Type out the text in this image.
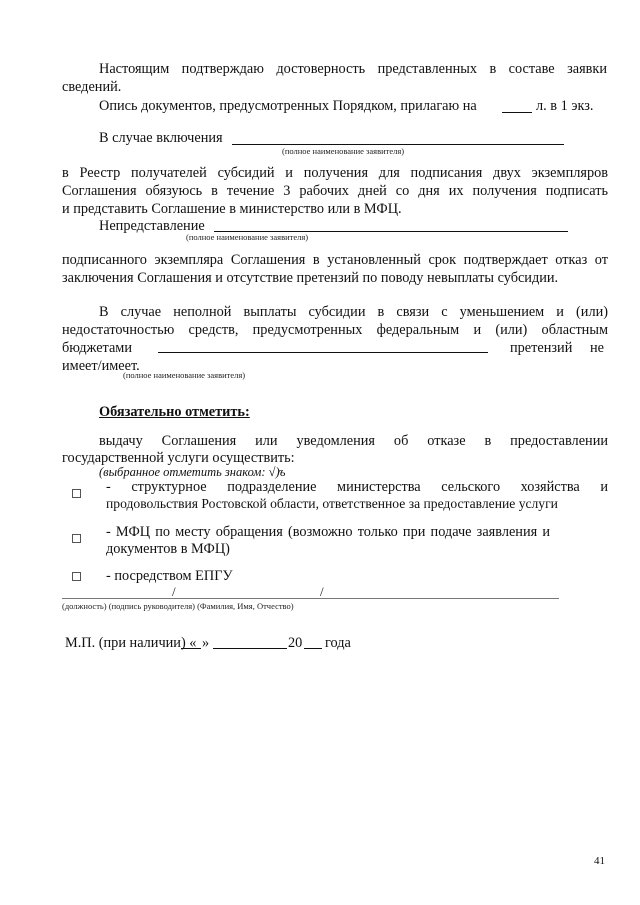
Настоящим подтверждаю достоверность представленных в составе заявки
сведений.
Опись документов, предусмотренных Порядком, прилагаю на	л. в 1 экз.
В случае включения
(полное наименование заявителя)
в Реестр получателей субсидий и получения для подписания двух экземпляров
Соглашения обязуюсь в течение 3 рабочих дней со дня их получения подписать
и представить Соглашение в министерство или в МФЦ.
Непредставление
(полное наименование заявителя)
подписанного экземпляра Соглашения в установленный срок подтверждает отказ от
заключения Соглашения и отсутствие претензий по поводу невыплаты субсидии.
В случае неполной выплаты субсидии в связи с уменьшением и (или)
недостаточностью средств, предусмотренных федеральным и (или) областным
бюджетами	претензий не
имеет/имеет.
(полное наименование заявителя)
Обязательно отметить:
выдачу Соглашения или уведомления об отказе в предоставлении
государственной услуги осуществить:
(выбранное отметить знаком: √) ъ
- структурное подразделение министерства сельского хозяйства и
продовольствия Ростовской области, ответственное за предоставление услуги
- МФЦ по месту обращения (возможно только при подаче заявления и
документов в МФЦ)
- посредством ЕПГУ
/	/
(должность) (подпись руководителя) (Фамилия, Имя, Отчество)
М.П. (при наличии) « »	20 года
41
